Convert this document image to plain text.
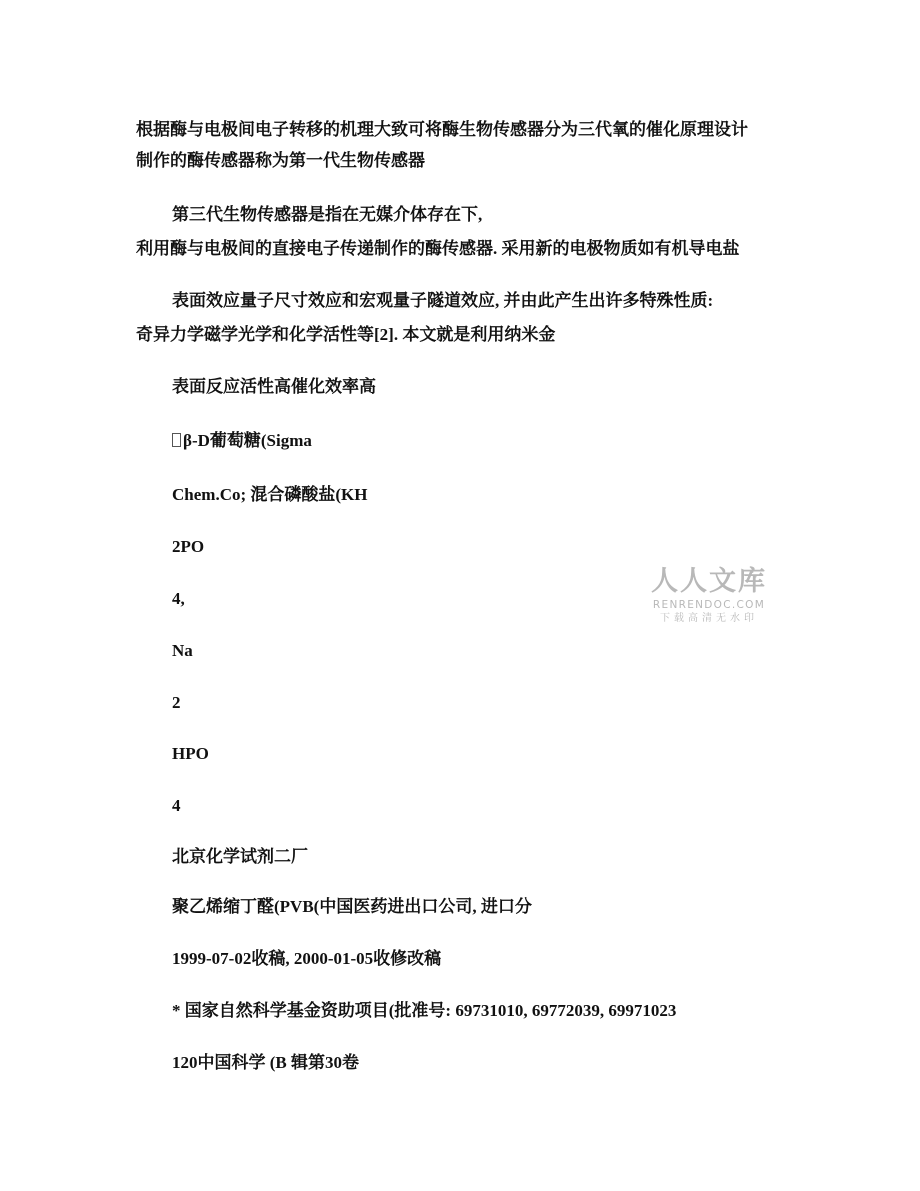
根据酶与电极间电子转移的机理大致可将酶生物传感器分为三代氧的催化原理设计
制作的酶传感器称为第一代生物传感器
第三代生物传感器是指在无媒介体存在下,
利用酶与电极间的直接电子传递制作的酶传感器. 采用新的电极物质如有机导电盐
表面效应量子尺寸效应和宏观量子隧道效应, 并由此产生出许多特殊性质:
奇异力学磁学光学和化学活性等[2]. 本文就是利用纳米金
表面反应活性高催化效率高
β-D葡萄糖(Sigma
Chem.Co; 混合磷酸盐(KH
2PO
4,
Na
2
HPO
4
北京化学试剂二厂
聚乙烯缩丁醛(PVB(中国医药进出口公司, 进口分
1999-07-02收稿, 2000-01-05收修改稿
* 国家自然科学基金资助项目(批准号: 69731010, 69772039, 69971023
120中国科学 (B 辑第30卷
人人文库
RENRENDOC.COM
下载高清无水印
